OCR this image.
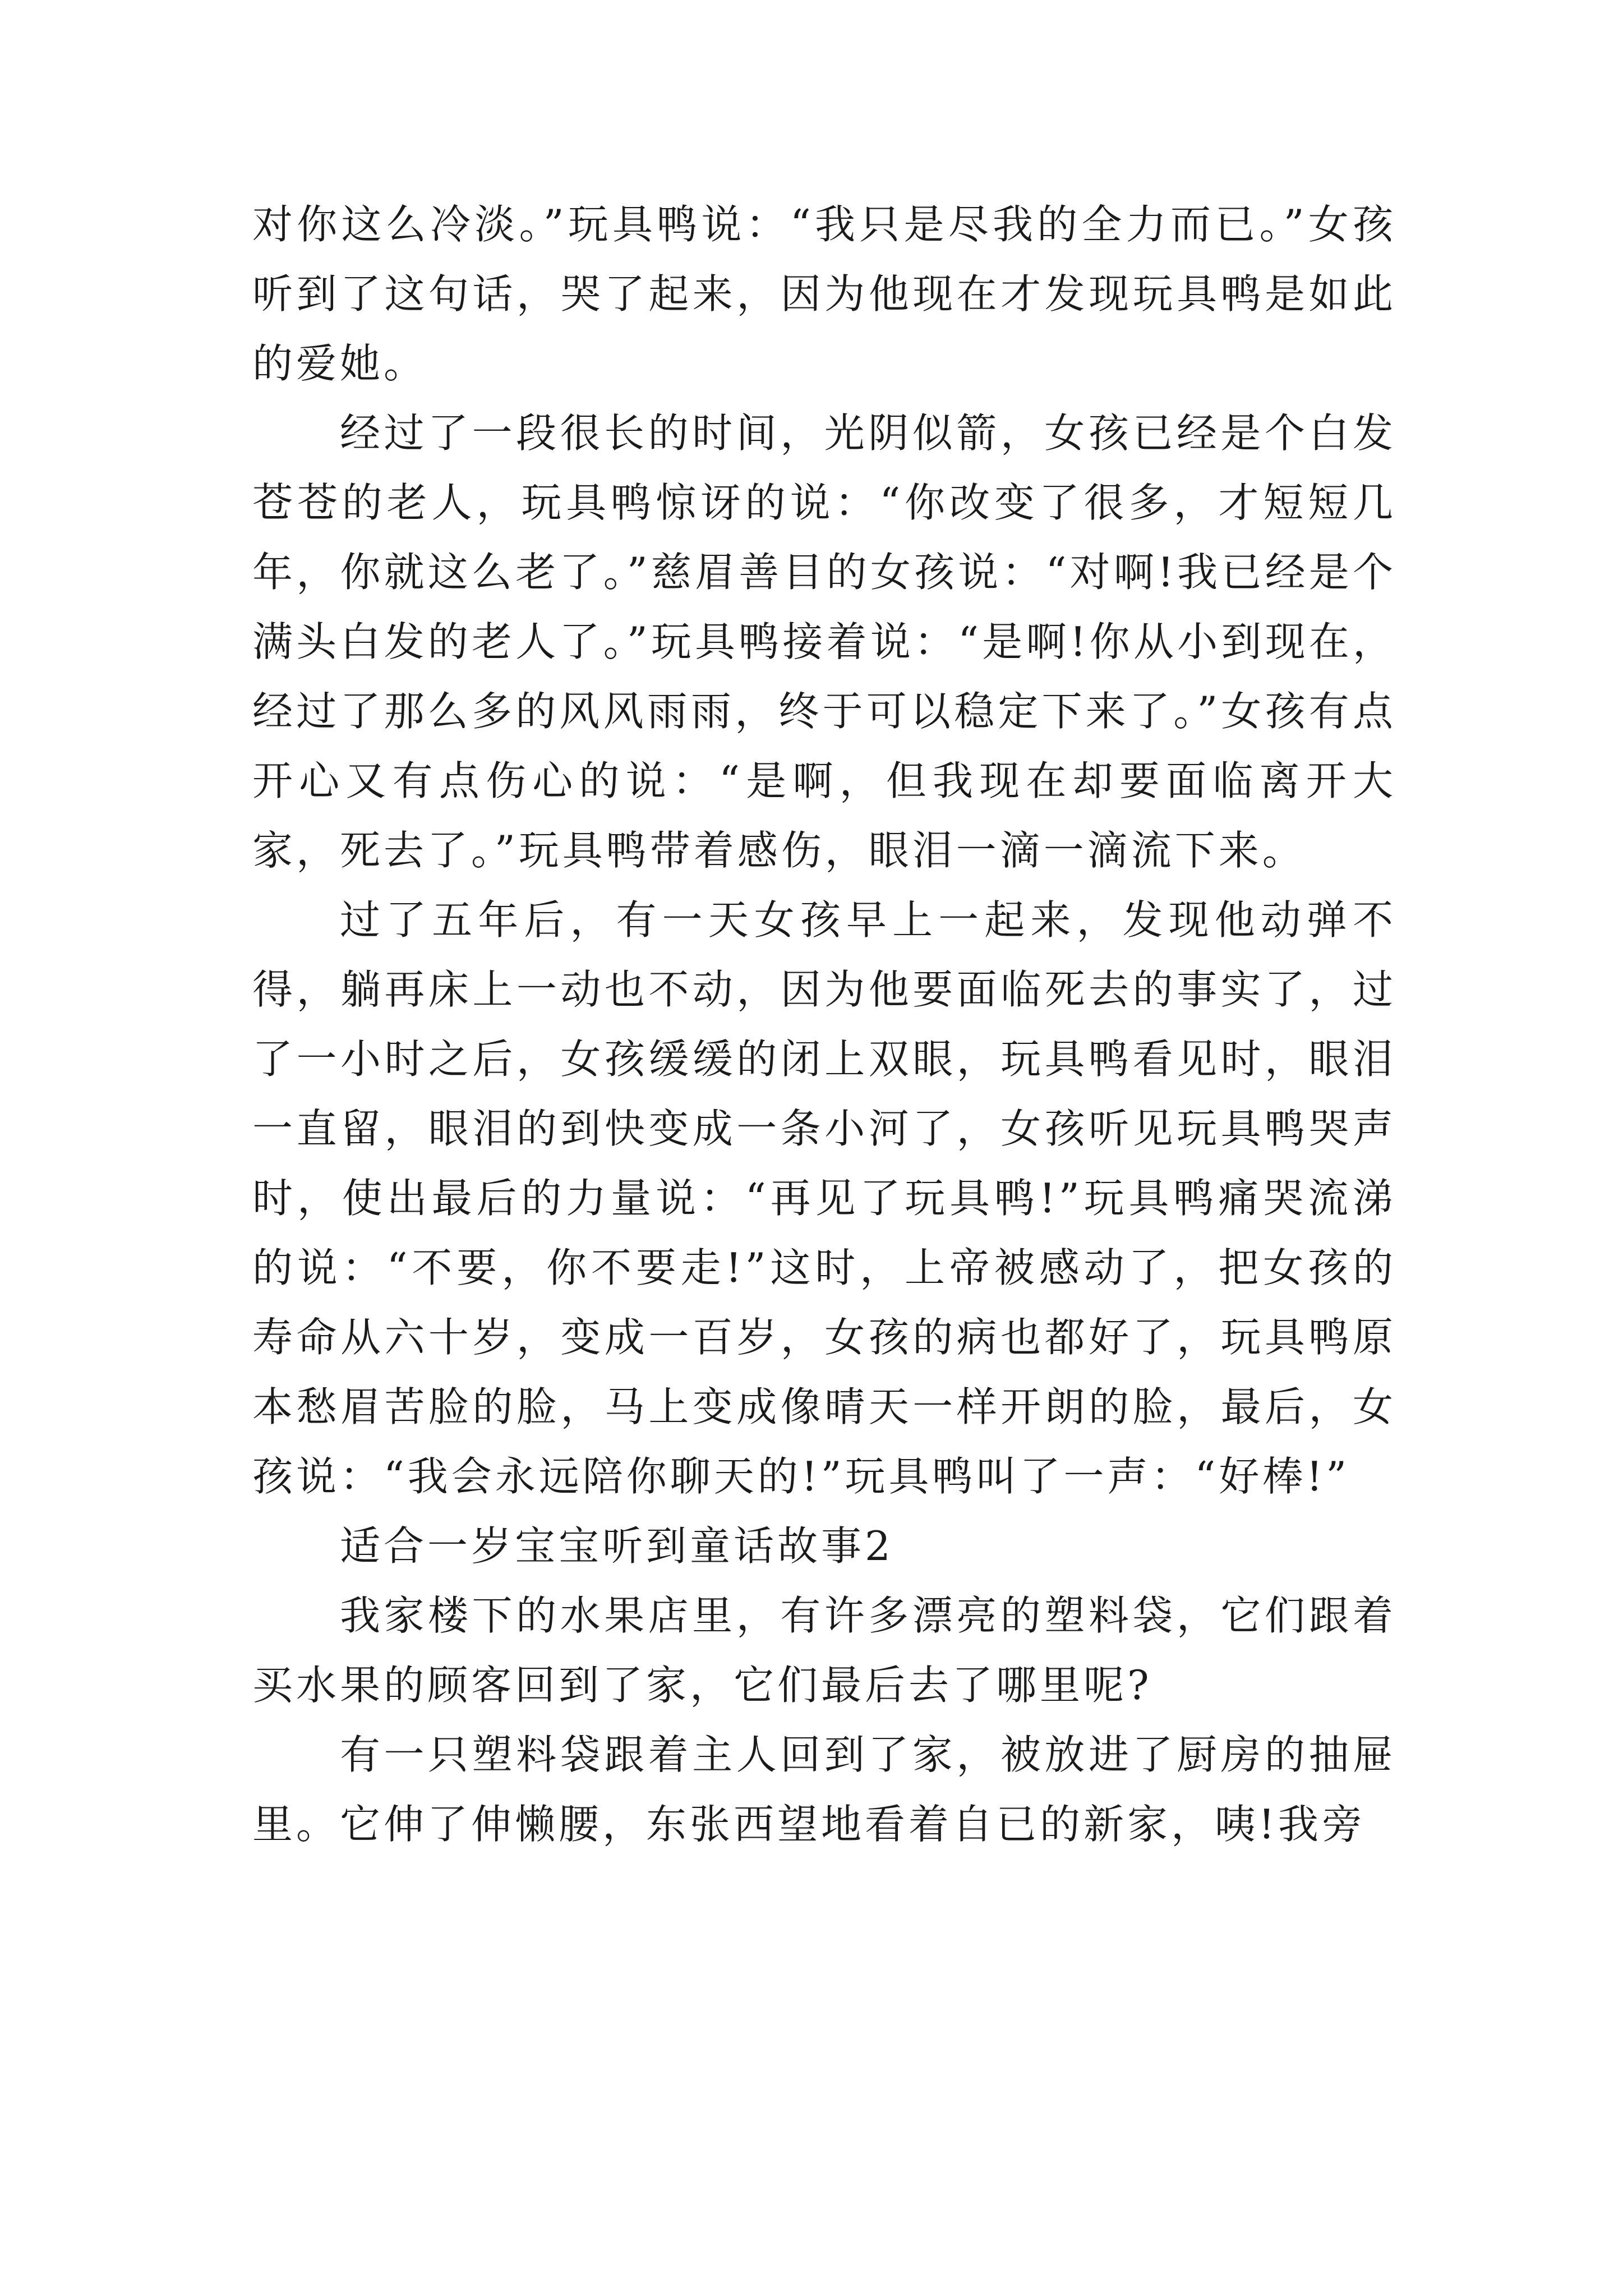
对你这么冷淡。”玩具鸭说：“我只是尽我的全力而已。”女孩听到了这句话，哭了起来，因为他现在才发现玩具鸭是如此的爱她。

经过了一段很长的时间，光阴似箭，女孩已经是个白发苍苍的老人，玩具鸭惊讶的说：“你改变了很多，才短短几年，你就这么老了。”慈眉善目的女孩说：“对啊!我已经是个满头白发的老人了。”玩具鸭接着说：“是啊!你从小到现在，经过了那么多的风风雨雨，终于可以稳定下来了。”女孩有点开心又有点伤心的说：“是啊，但我现在却要面临离开大家，死去了。”玩具鸭带着感伤，眼泪一滴一滴流下来。

过了五年后，有一天女孩早上一起来，发现他动弹不得，躺再床上一动也不动，因为他要面临死去的事实了，过了一小时之后，女孩缓缓的闭上双眼，玩具鸭看见时，眼泪一直留，眼泪的到快变成一条小河了，女孩听见玩具鸭哭声时，使出最后的力量说：“再见了玩具鸭!”玩具鸭痛哭流涕的说：“不要，你不要走!”这时，上帝被感动了，把女孩的寿命从六十岁，变成一百岁，女孩的病也都好了，玩具鸭原本愁眉苦脸的脸，马上变成像晴天一样开朗的脸，最后，女孩说：“我会永远陪你聊天的!”玩具鸭叫了一声：“好棒!”

适合一岁宝宝听到童话故事2

我家楼下的水果店里，有许多漂亮的塑料袋，它们跟着买水果的顾客回到了家，它们最后去了哪里呢?

有一只塑料袋跟着主人回到了家，被放进了厨房的抽屉里。它伸了伸懒腰，东张西望地看着自已的新家，咦!我旁
